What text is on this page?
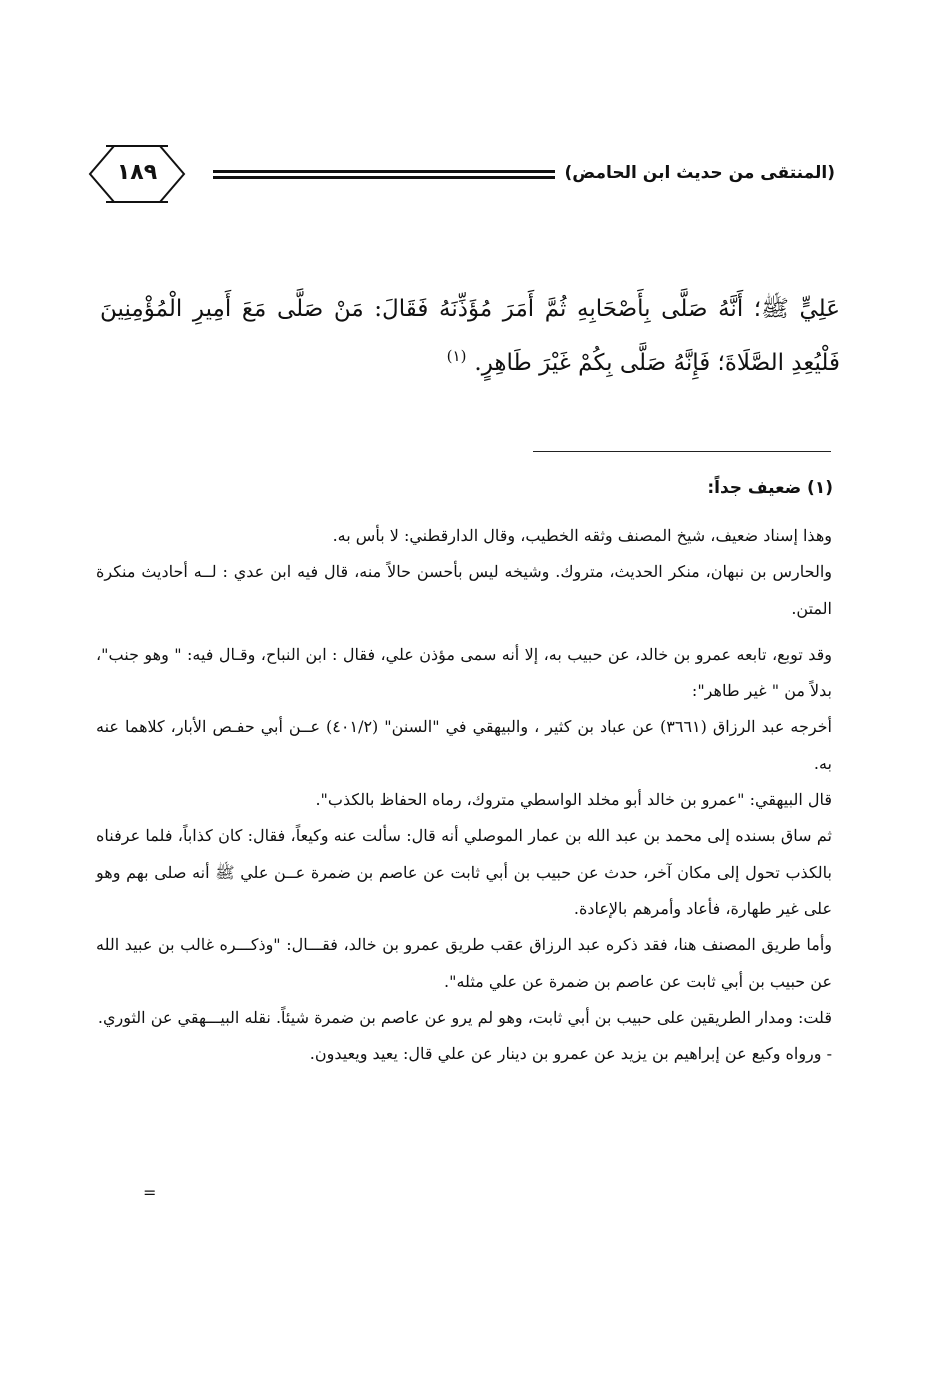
(المنتقى من حديث ابن الحامض)
١٨٩
عَلِيٍّ ﷺ؛ أَنَّهُ صَلَّى بِأَصْحَابِهِ ثُمَّ أَمَرَ مُؤَذِّنَهُ فَقَالَ: مَنْ صَلَّى مَعَ أَمِيرِ الْمُؤْمِنِينَ فَلْيُعِدِ الصَّلَاةَ؛ فَإِنَّهُ صَلَّى بِكُمْ غَيْرَ طَاهِرٍ.$^{(١)}$
(١) ضعيف جداً:

وهذا إسناد ضعيف، شيخ المصنف وثقه الخطيب، وقال الدارقطني: لا بأس به.

والحارس بن نبهان، منكر الحديث، متروك. وشيخه ليس بأحسن حالاً منه، قال فيه ابن عدي : لــه أحاديث منكرة المتن.

وقد توبع، تابعه عمرو بن خالد، عن حبيب به، إلا أنه سمى مؤذن علي، فقال : ابن النباح، وقـال فيه: " وهو جنب"، بدلاً من " غير طاهر":

أخرجه عبد الرزاق (٣٦٦١) عن عباد بن كثير ، والبيهقي في "السنن" (٤٠١/٢) عــن أبي حفـص الأبار، كلاهما عنه به.

قال البيهقي: "عمرو بن خالد أبو مخلد الواسطي متروك، رماه الحفاظ بالكذب".

ثم ساق بسنده إلى محمد بن عبد الله بن عمار الموصلي أنه قال: سألت عنه وكيعاً، فقال: كان كذاباً، فلما عرفناه بالكذب تحول إلى مكان آخر، حدث عن حبيب بن أبي ثابت عن عاصم بن ضمرة عــن علي ﷺ أنه صلى بهم وهو على غير طهارة، فأعاد وأمرهم بالإعادة.

وأما طريق المصنف هنا، فقد ذكره عبد الرزاق عقب طريق عمرو بن خالد، فقـــال: "وذكـــره غالب بن عبيد الله عن حبيب بن أبي ثابت عن عاصم بن ضمرة عن علي مثله".

قلت: ومدار الطريقين على حبيب بن أبي ثابت، وهو لم يرو عن عاصم بن ضمرة شيئاً. نقله البيـــهقي عن الثوري.

- ورواه وكيع عن إبراهيم بن يزيد عن عمرو بن دينار عن علي قال: يعيد ويعيدون.

=
